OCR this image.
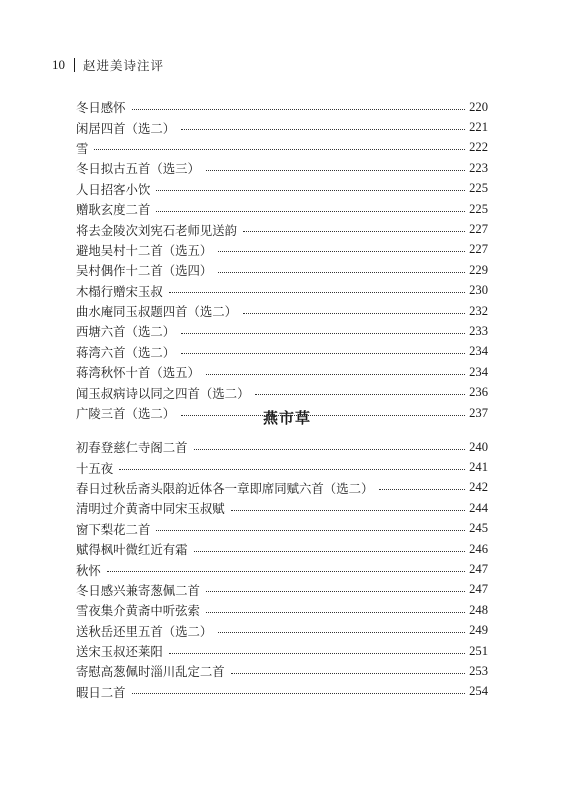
10 赵进美诗注评
冬日感怀	220
闲居四首（选二）	221
雪	222
冬日拟古五首（选三）	223
人日招客小饮	225
赠耿玄度二首	225
将去金陵次刘宪石老师见送韵	227
避地吴村十二首（选五）	227
吴村偶作十二首（选四）	229
木榻行赠宋玉叔	230
曲水庵同玉叔题四首（选二）	232
西塘六首（选二）	233
蒋湾六首（选二）	234
蒋湾秋怀十首（选五）	234
闻玉叔病诗以同之四首（选二）	236
广陵三首（选二）	237
燕市草
初春登慈仁寺阁二首	240
十五夜	241
春日过秋岳斋头限韵近体各一章即席同赋六首（选二）	242
清明过介黄斋中同宋玉叔赋	244
窗下梨花二首	245
赋得枫叶微红近有霜	246
秋怀	247
冬日感兴兼寄葱佩二首	247
雪夜集介黄斋中听弦索	248
送秋岳还里五首（选二）	249
送宋玉叔还莱阳	251
寄慰高葱佩时淄川乱定二首	253
暇日二首	254
